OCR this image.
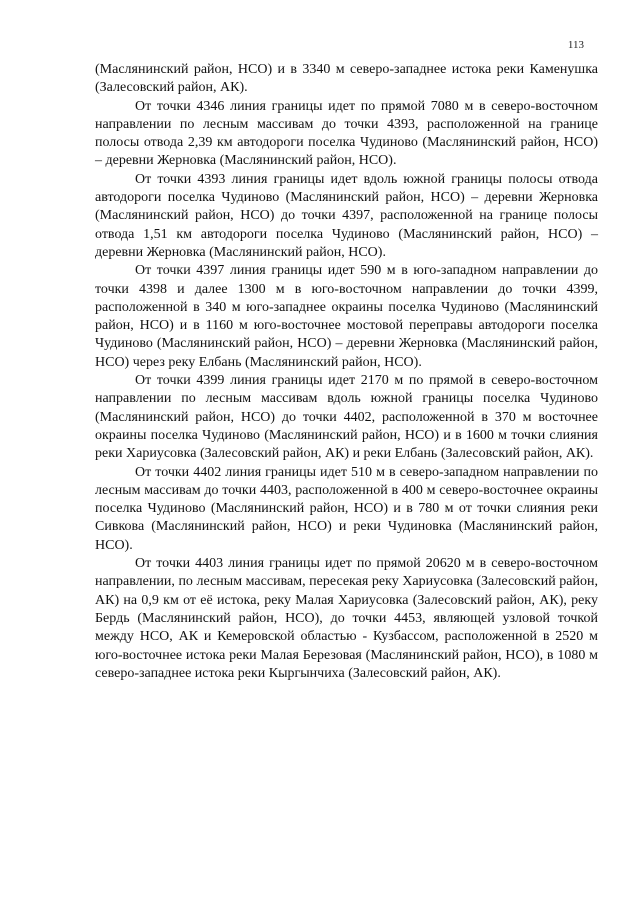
113

(Маслянинский район, НСО) и в 3340 м северо-западнее истока реки Каменушка (Залесовский район, АК).

От точки 4346 линия границы идет по прямой 7080 м в северо-восточном направлении по лесным массивам до точки 4393, расположенной на границе полосы отвода 2,39 км автодороги поселка Чудиново (Маслянинский район, НСО) – деревни Жерновка (Маслянинский район, НСО).

От точки 4393 линия границы идет вдоль южной границы полосы отвода автодороги поселка Чудиново (Маслянинский район, НСО) – деревни Жерновка (Маслянинский район, НСО) до точки 4397, расположенной на границе полосы отвода 1,51 км автодороги поселка Чудиново (Маслянинский район, НСО) – деревни Жерновка (Маслянинский район, НСО).

От точки 4397 линия границы идет 590 м в юго-западном направлении до точки 4398 и далее 1300 м в юго-восточном направлении до точки 4399, расположенной в 340 м юго-западнее окраины поселка Чудиново (Маслянинский район, НСО) и в 1160 м юго-восточнее мостовой переправы автодороги поселка Чудиново (Маслянинский район, НСО) – деревни Жерновка (Маслянинский район, НСО) через реку Елбань (Маслянинский район, НСО).

От точки 4399 линия границы идет 2170 м по прямой в северо-восточном направлении по лесным массивам вдоль южной границы поселка Чудиново (Маслянинский район, НСО) до точки 4402, расположенной в 370 м восточнее окраины поселка Чудиново (Маслянинский район, НСО) и в 1600 м точки слияния реки Хариусовка (Залесовский район, АК) и реки Елбань (Залесовский район, АК).

От точки 4402 линия границы идет 510 м в северо-западном направлении по лесным массивам до точки 4403, расположенной в 400 м северо-восточнее окраины поселка Чудиново (Маслянинский район, НСО) и в 780 м от точки слияния реки Сивкова (Маслянинский район, НСО) и реки Чудиновка (Маслянинский район, НСО).

От точки 4403 линия границы идет по прямой 20620 м в северо-восточном направлении, по лесным массивам, пересекая реку Хариусовка (Залесовский район, АК) на 0,9 км от её истока, реку Малая Хариусовка (Залесовский район, АК), реку Бердь (Маслянинский район, НСО), до точки 4453, являющей узловой точкой между НСО, АК и Кемеровской областью - Кузбассом, расположенной в 2520 м юго-восточнее истока реки Малая Березовая (Маслянинский район, НСО), в 1080 м северо-западнее истока реки Кыргынчиха (Залесовский район, АК).
